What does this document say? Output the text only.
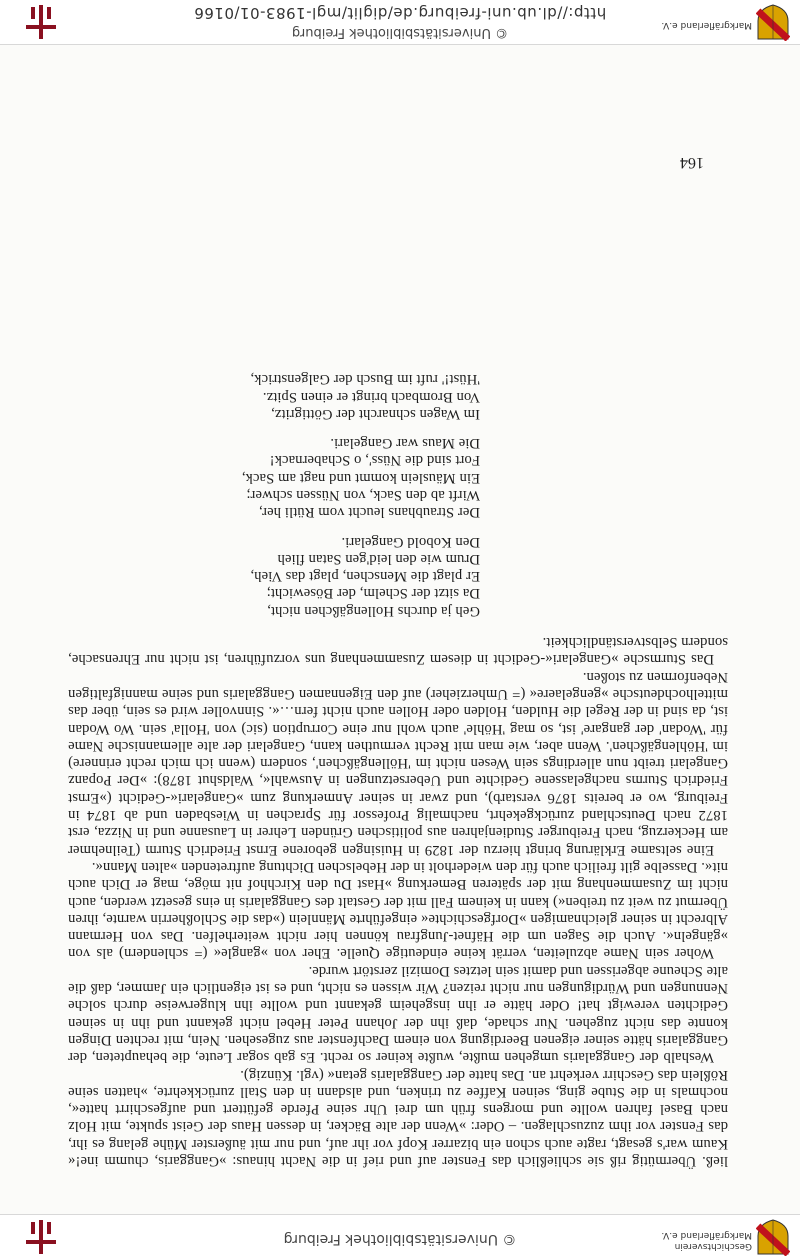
Geschichtsverein
Markgräflerland e.V.
© Universitätsbibliothek Freiburg

ließ. Übermütig riß sie schließlich das Fenster auf und rief in die Nacht hinaus: »Ganggaris, chumm ine!« Kaum war's gesagt, ragte auch schon ein bizarrer Kopf vor ihr auf, und nur mit äußerster Mühe gelang es ihr, das Fenster vor ihm zuzuschlagen. – Oder: »Wenn der alte Bäcker, in dessen Haus der Geist spukte, mit Holz nach Basel fahren wollte und morgens früh um drei Uhr seine Pferde gefüttert und aufgeschirrt hatte«, nochmals in die Stube ging, seinen Kaffee zu trinken, und alsdann in den Stall zurückkehrte, »hatten seine Rößlein das Geschirr verkehrt an. Das hatte der Ganggalaris getan« (vgl. Künzig).

Weshalb der Ganggalaris umgehen mußte, wußte keiner so recht. Es gab sogar Leute, die behaupteten, der Ganggalaris hätte seiner eigenen Beerdigung von einem Dachfenster aus zugesehen. Nein, mit rechten Dingen konnte das nicht zugehen. Nur schade, daß ihn der Johann Peter Hebel nicht gekannt und ihn in seinen Gedichten verewigt hat! Oder hätte er ihn insgeheim gekannt und wollte ihn klugerweise durch solche Nennungen und Würdigungen nur nicht reizen? Wir wissen es nicht, und es ist eigentlich ein Jammer, daß die alte Scheune abgerissen und damit sein letztes Domizil zerstört wurde.

Woher sein Name abzuleiten, verrät keine eindeutige Quelle. Eher von »gangle« (= schlendern) als von »gängeln«. Auch die Sagen um die Häfnet-Jungfrau können hier nicht weiterhelfen. Das von Hermann Albrecht in seiner gleichnamigen »Dorfgeschichte« eingeführte Männlein (»das die Schloßherrin warnte, ihren Übermut zu weit zu treiben«) kann in keinem Fall mit der Gestalt des Ganggalaris in eins gesetzt werden, auch nicht im Zusammenhang mit der späteren Bemerkung »Hast Du den Kirchhof nit möge, mag er Dich auch nit«. Dasselbe gilt freilich auch für den wiederholt in der Hebelschen Dichtung auftretenden »alten Mann«.

Eine seltsame Erklärung bringt hierzu der 1829 in Huisingen geborene Ernst Friedrich Sturm (Teilnehmer am Heckerzug, nach Freiburger Studienjahren aus politischen Gründen Lehrer in Lausanne und in Nizza, erst 1872 nach Deutschland zurückgekehrt, nachmalig Professor für Sprachen in Wiesbaden und ab 1874 in Freiburg, wo er bereits 1876 verstarb), und zwar in seiner Anmerkung zum »Gangelari«-Gedicht (»Ernst Friedrich Sturms nachgelassene Gedichte und Uebersetzungen in Auswahl«, Waldshut 1878): »Der Popanz Gangelari treibt nun allerdings sein Wesen nicht im 'Höllengäßchen', sondern (wenn ich mich recht erinnere) im 'Höhlengäßchen'. Wenn aber, wie man mit Recht vermuthen kann, Gangelari der alte allemannische Name für 'Wodan' der gangare' ist, so mag 'Höhle' auch wohl nur eine Corruption (sic) von 'Holla' sein. Wo Wodan ist, da sind in der Regel die Hulden, Holden oder Hollen auch nicht fern…«. Sinnvoller wird es sein, über das mittelhochdeutsche »gengelaere« (= Umherzieher) auf den Eigennamen Ganggalaris und seine mannigfaltigen Nebenformen zu stoßen.

Das Sturmsche »Gangelari«-Gedicht in diesem Zusammenhang uns vorzuführen, ist nicht nur Ehrensache, sondern Selbstverständlichkeit.

Geh ja durchs Hollengäßchen nicht,
Da sitzt der Schelm, der Bösewicht;
Er plagt die Menschen, plagt das Vieh,
Drum wie den leid'gen Satan flieh
Den Kobold Gangelari.
Der Straubhans leucht vom Rütli her,
Wirft ab den Sack, von Nüssen schwer;
Ein Mäuslein kommt und nagt am Sack,
Fort sind die Nüss', o Schabernack!
Die Maus war Gangelari.
Im Wagen schnarcht der Göttigritz,
Von Brombach bringt er einen Spitz.
'Hüst!' ruft im Busch der Galgenstrick,
164
© Universitätsbibliothek Freiburg
http://dl.ub.uni-freiburg.de/diglit/mgl-1983-01/0166
Markgräflerland e.V.
